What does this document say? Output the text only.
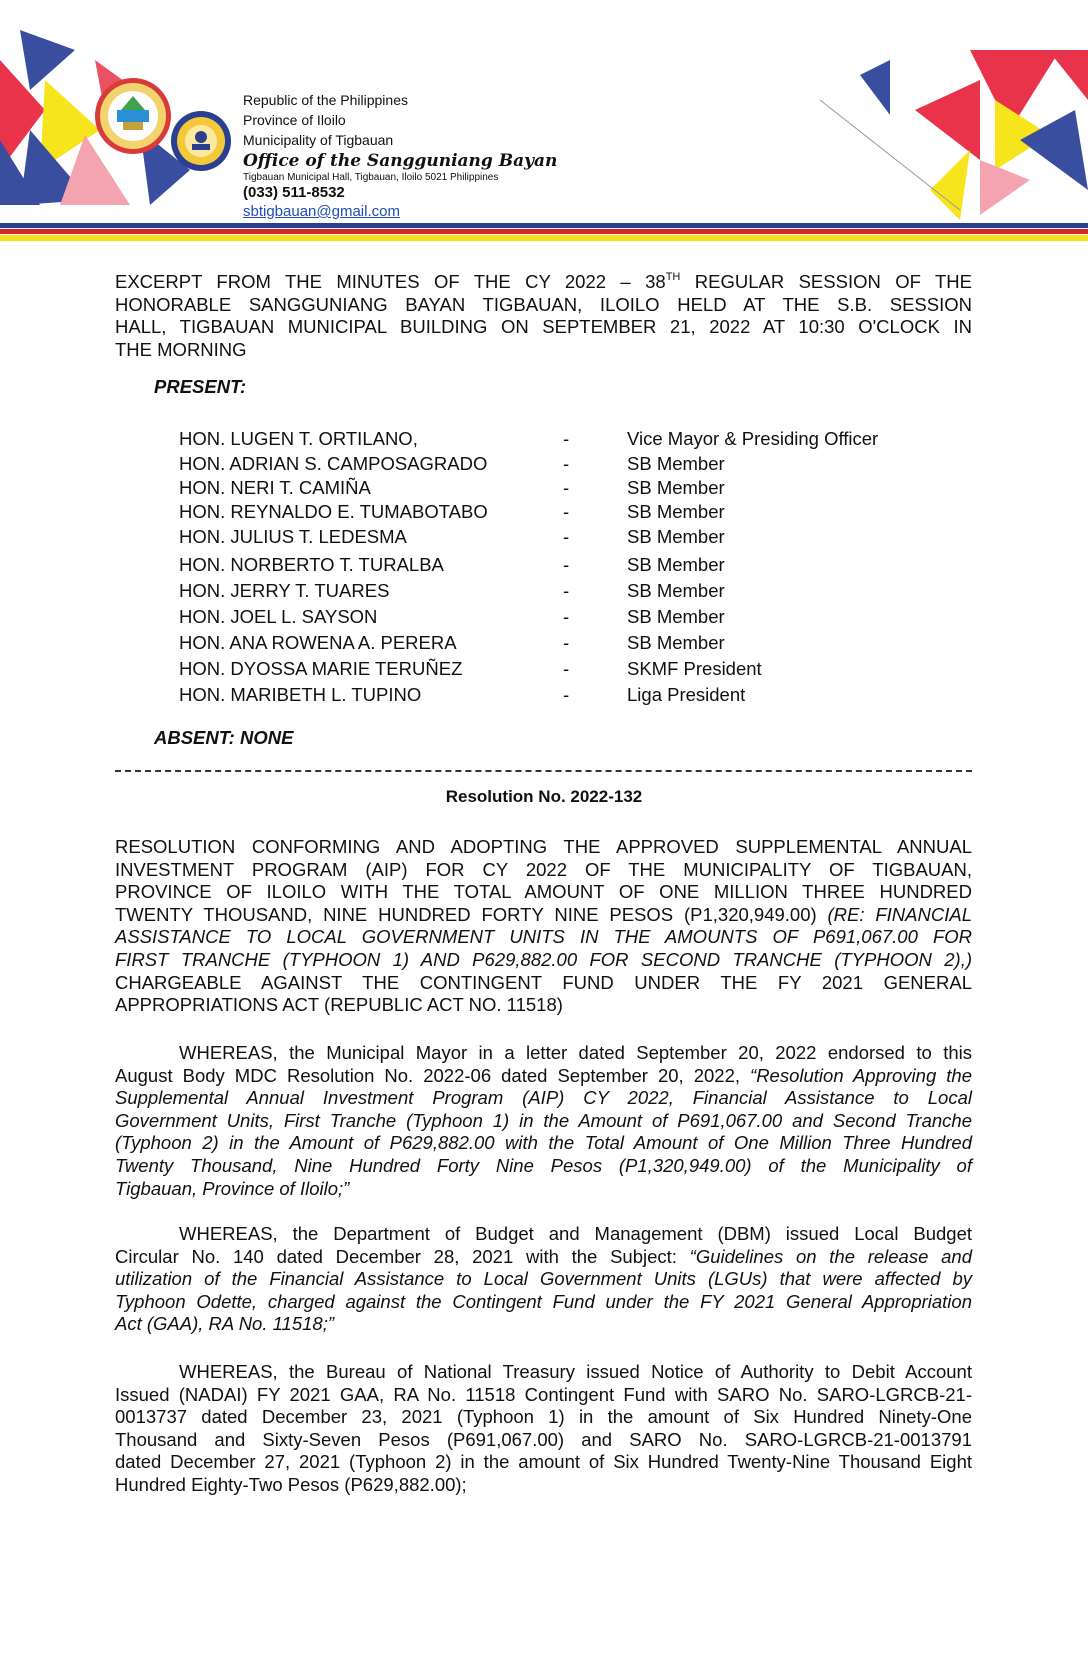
Republic of the Philippines
Province of Iloilo
Municipality of Tigbauan
Office of the Sangguniang Bayan
Tigbauan Municipal Hall, Tigbauan, Iloilo 5021 Philippines
(033) 511-8532
sbtigbauan@gmail.com
EXCERPT FROM THE MINUTES OF THE CY 2022 – 38TH REGULAR SESSION OF THE
HONORABLE SANGGUNIANG BAYAN TIGBAUAN, ILOILO HELD AT THE S.B. SESSION
HALL, TIGBAUAN MUNICIPAL BUILDING ON SEPTEMBER 21, 2022 AT 10:30 O'CLOCK IN
THE MORNING
PRESENT:
HON. LUGEN T. ORTILANO,	-	Vice Mayor & Presiding Officer
HON. ADRIAN S. CAMPOSAGRADO	-	SB Member
HON. NERI T. CAMIÑA	-	SB Member
HON. REYNALDO E. TUMABOTABO	-	SB Member
HON. JULIUS T. LEDESMA	-	SB Member
HON. NORBERTO T. TURALBA	-	SB Member
HON. JERRY T. TUARES	-	SB Member
HON. JOEL L. SAYSON	-	SB Member
HON. ANA ROWENA A. PERERA	-	SB Member
HON. DYOSSA MARIE TERUÑEZ	-	SKMF President
HON. MARIBETH L. TUPINO	-	Liga President
ABSENT: NONE
Resolution No. 2022-132
RESOLUTION CONFORMING AND ADOPTING THE APPROVED SUPPLEMENTAL ANNUAL
INVESTMENT PROGRAM (AIP) FOR CY 2022 OF THE MUNICIPALITY OF TIGBAUAN,
PROVINCE OF ILOILO WITH THE TOTAL AMOUNT OF ONE MILLION THREE HUNDRED
TWENTY THOUSAND, NINE HUNDRED FORTY NINE PESOS (P1,320,949.00) (RE: FINANCIAL
ASSISTANCE TO LOCAL GOVERNMENT UNITS IN THE AMOUNTS OF P691,067.00 FOR
FIRST TRANCHE (TYPHOON 1) AND P629,882.00 FOR SECOND TRANCHE (TYPHOON 2),)
CHARGEABLE AGAINST THE CONTINGENT FUND UNDER THE FY 2021 GENERAL
APPROPRIATIONS ACT (REPUBLIC ACT NO. 11518)
WHEREAS, the Municipal Mayor in a letter dated September 20, 2022 endorsed to this
August Body MDC Resolution No. 2022-06 dated September 20, 2022, “Resolution Approving the
Supplemental Annual Investment Program (AIP) CY 2022, Financial Assistance to Local
Government Units, First Tranche (Typhoon 1) in the Amount of P691,067.00 and Second Tranche
(Typhoon 2) in the Amount of P629,882.00 with the Total Amount of One Million Three Hundred
Twenty Thousand, Nine Hundred Forty Nine Pesos (P1,320,949.00) of the Municipality of
Tigbauan, Province of Iloilo;”
WHEREAS, the Department of Budget and Management (DBM) issued Local Budget
Circular No. 140 dated December 28, 2021 with the Subject: “Guidelines on the release and
utilization of the Financial Assistance to Local Government Units (LGUs) that were affected by
Typhoon Odette, charged against the Contingent Fund under the FY 2021 General Appropriation
Act (GAA), RA No. 11518;”
WHEREAS, the Bureau of National Treasury issued Notice of Authority to Debit Account
Issued (NADAI) FY 2021 GAA, RA No. 11518 Contingent Fund with SARO No. SARO-LGRCB-21-
0013737 dated December 23, 2021 (Typhoon 1) in the amount of Six Hundred Ninety-One
Thousand and Sixty-Seven Pesos (P691,067.00) and SARO No. SARO-LGRCB-21-0013791
dated December 27, 2021 (Typhoon 2) in the amount of Six Hundred Twenty-Nine Thousand Eight
Hundred Eighty-Two Pesos (P629,882.00);
